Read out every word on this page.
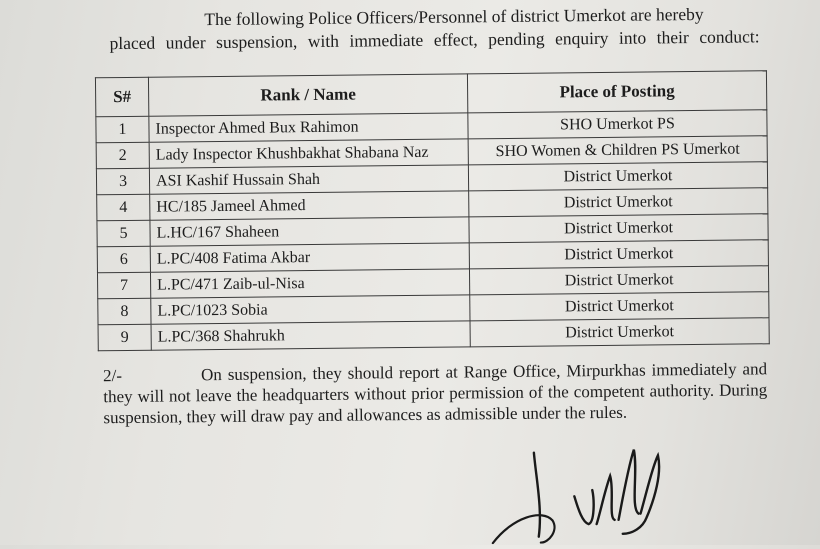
The following Police Officers/Personnel of district Umerkot are hereby
placed under suspension, with immediate effect, pending enquiry into their conduct:
S#	Rank / Name	Place of Posting
1	Inspector Ahmed Bux Rahimon	SHO Umerkot PS
2	Lady Inspector Khushbakhat Shabana Naz	SHO Women & Children PS Umerkot
3	ASI Kashif Hussain Shah	District Umerkot
4	HC/185 Jameel Ahmed	District Umerkot
5	L.HC/167 Shaheen	District Umerkot
6	L.PC/408 Fatima Akbar	District Umerkot
7	L.PC/471 Zaib-ul-Nisa	District Umerkot
8	L.PC/1023 Sobia	District Umerkot
9	L.PC/368 Shahrukh	District Umerkot
2/-	On suspension, they should report at Range Office, Mirpurkhas immediately and they will not leave the headquarters without prior permission of the competent authority. During suspension, they will draw pay and allowances as admissible under the rules.
